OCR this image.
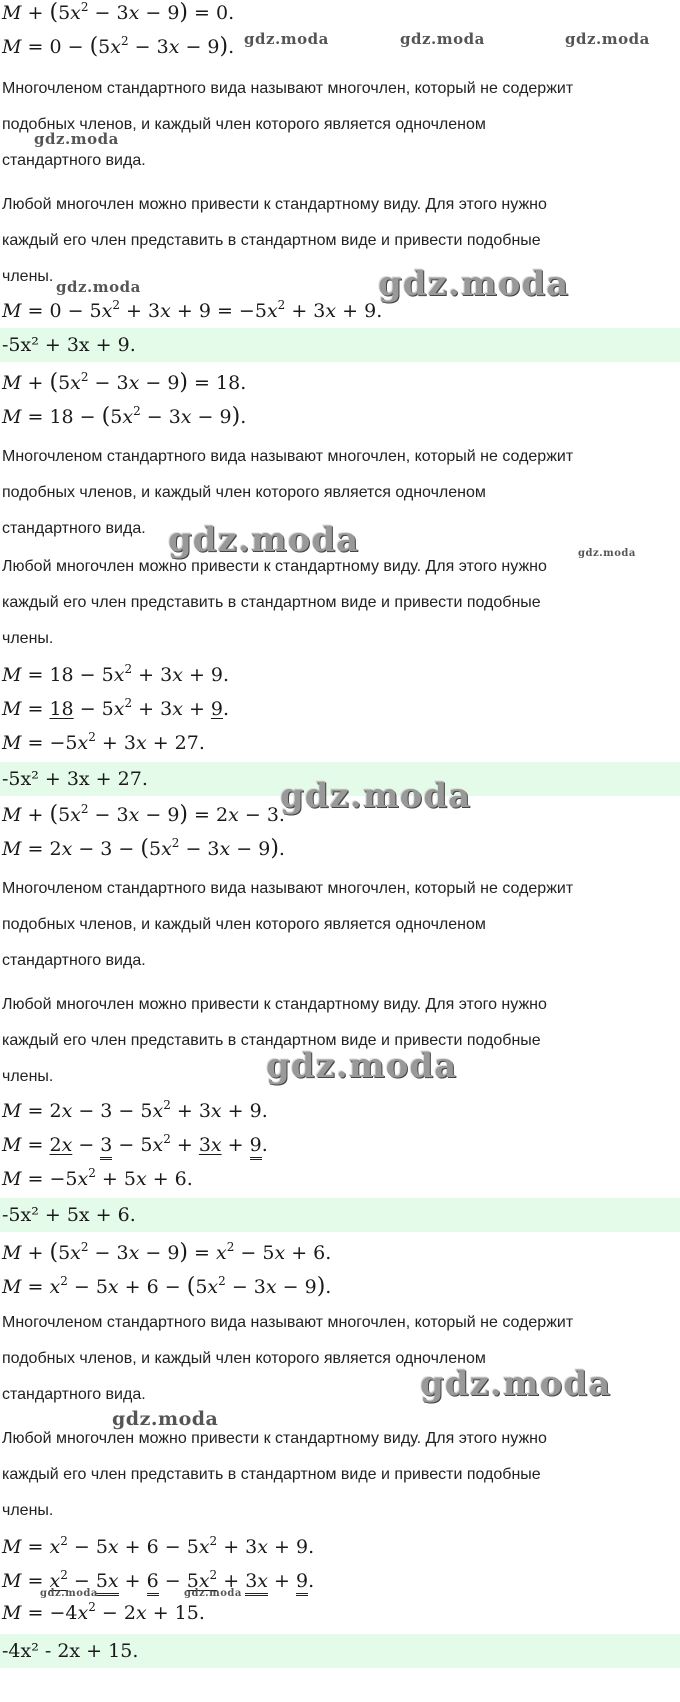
$M + (5x^2 - 3x - 9) = 0$.
$M = 0 - (5x^2 - 3x - 9)$. gdz.moda	gdz.moda	gdz.moda
Многочленом стандартного вида называют многочлен, который не содержит
подобных членов, и каждый член которого является одночленом
gdz.moda
стандартного вида.
Любой многочлен можно привести к стандартному виду. Для этого нужно
каждый его член представить в стандартном виде и привести подобные
члены.
gdz.moda	gdz.moda
$M = 0 - 5x^2 + 3x + 9 = -5x^2 + 3x + 9$.
-5x² + 3x + 9.
$M + (5x^2 - 3x - 9) = 18$.
$M = 18 - (5x^2 - 3x - 9)$.
Многочленом стандартного вида называют многочлен, который не содержит
подобных членов, и каждый член которого является одночленом
стандартного вида. gdz.moda
Любой многочлен можно привести к стандартному виду. Для этого нужно
gdz.moda
каждый его член представить в стандартном виде и привести подобные
члены.
$M = 18 - 5x^2 + 3x + 9$.
$M = 18 - 5x^2 + 3x + 9$.
$M = -5x^2 + 3x + 27$.
-5x² + 3x + 27.
$M + (5x^2 - 3x - 9) = 2x - 3$.
gdz.moda
$M = 2x - 3 - (5x^2 - 3x - 9)$.
Многочленом стандартного вида называют многочлен, который не содержит
подобных членов, и каждый член которого является одночленом
стандартного вида.
Любой многочлен можно привести к стандартному виду. Для этого нужно
каждый его член представить в стандартном виде и привести подобные
члены.	gdz.moda
$M = 2x - 3 - 5x^2 + 3x + 9$.
$M = 2x - 3 - 5x^2 + 3x + 9$.
$M = -5x^2 + 5x + 6$.
-5x² + 5x + 6.
$M + (5x^2 - 3x - 9) = x^2 - 5x + 6$.
$M = x^2 - 5x + 6 - (5x^2 - 3x - 9)$.
Многочленом стандартного вида называют многочлен, который не содержит
подобных членов, и каждый член которого является одночленом
стандартного вида.	gdz.moda
gdz.moda
Любой многочлен можно привести к стандартному виду. Для этого нужно
каждый его член представить в стандартном виде и привести подобные
члены.
$M = x^2 - 5x + 6 - 5x^2 + 3x + 9$.
$M = x^2 - 5x + 6 - 5x^2 + 3x + 9$.
gdz.moda	gdz.moda
$M = -4x^2 - 2x + 15$.
-4x² - 2x + 15.
